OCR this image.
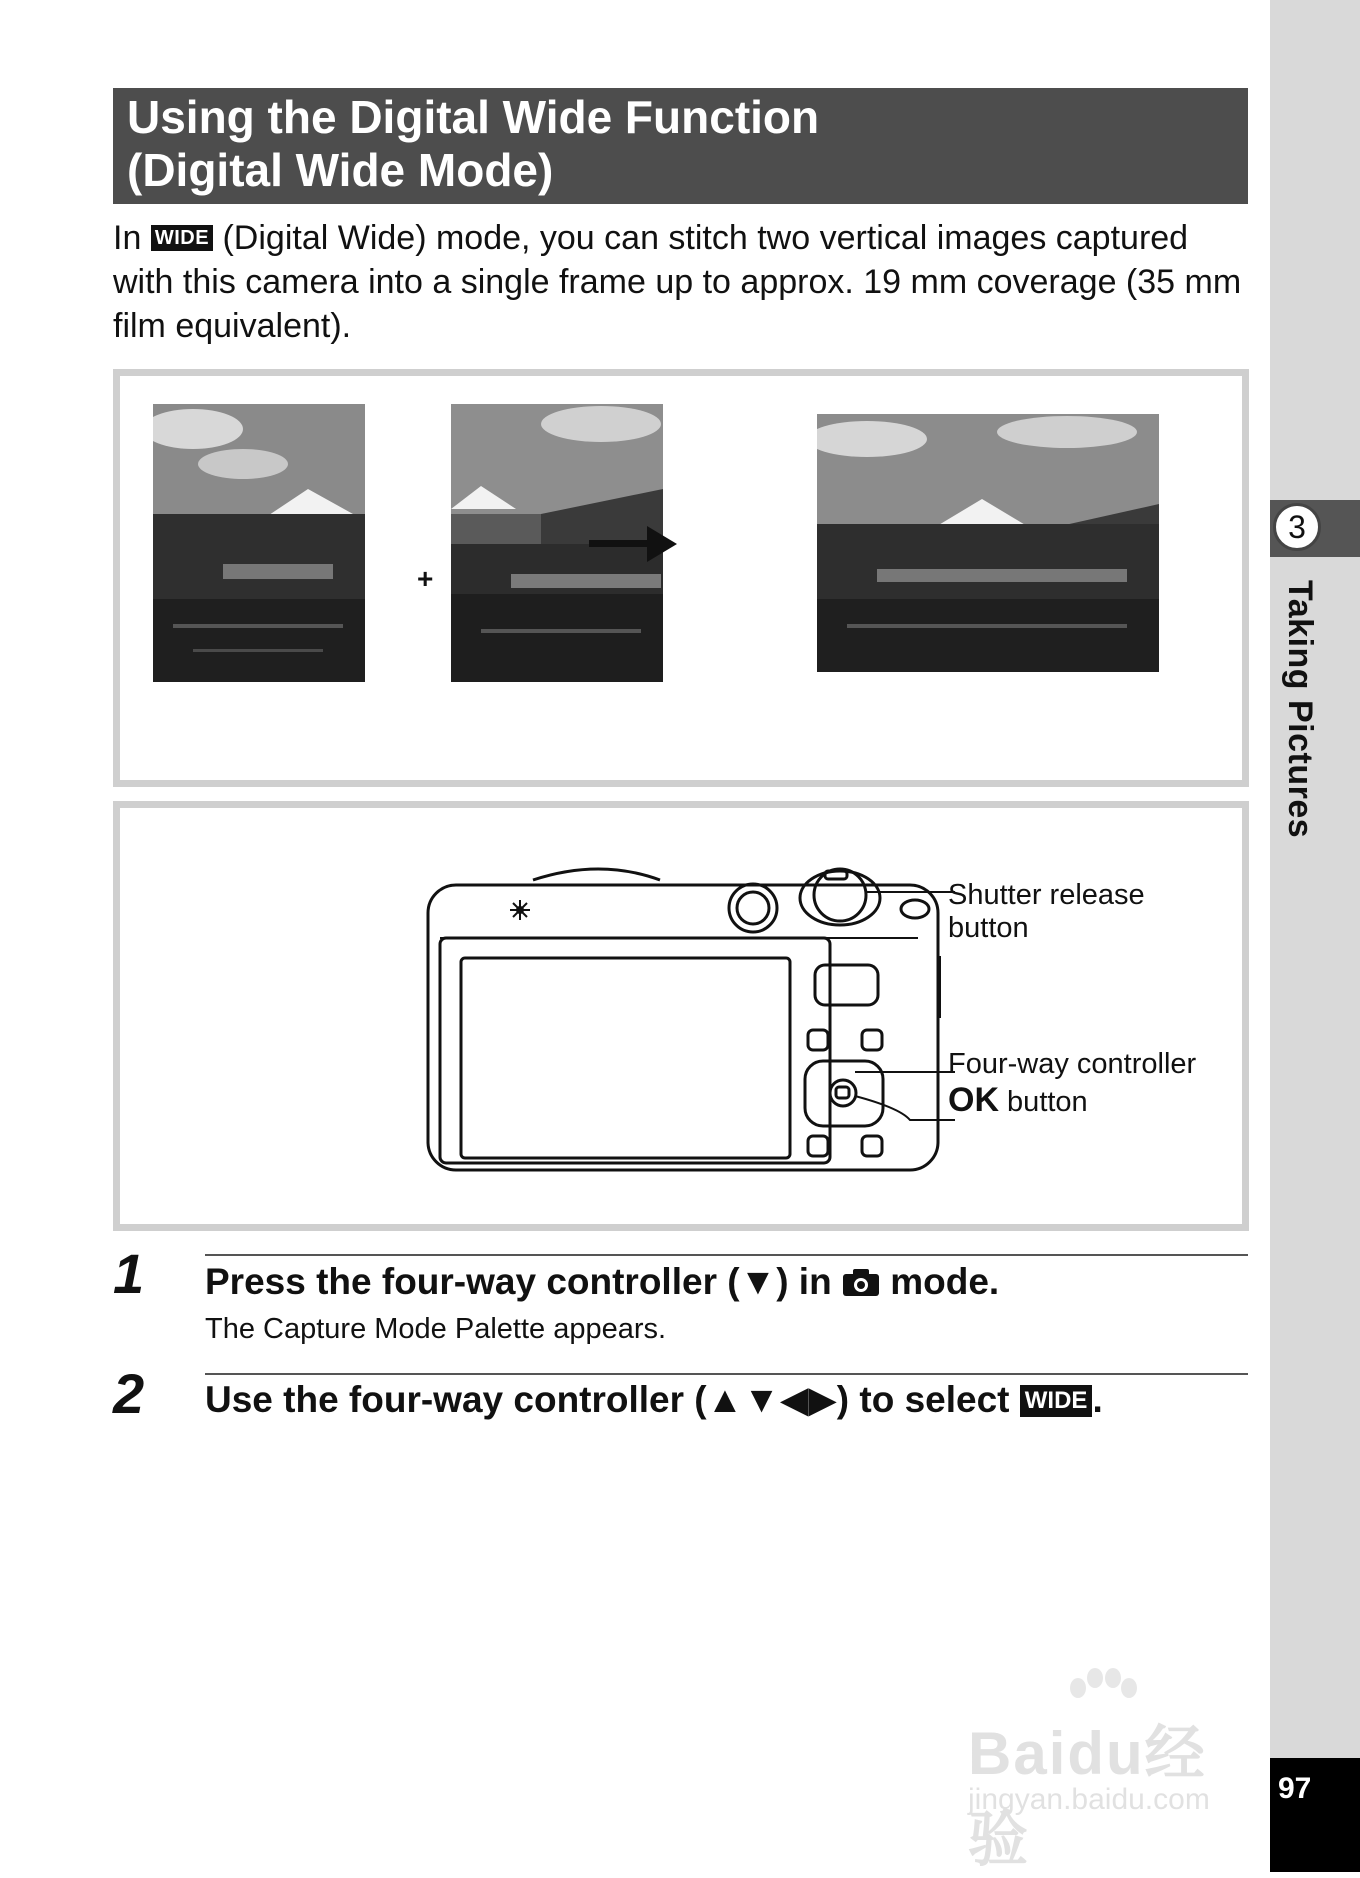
3
Taking Pictures
97
Using the Digital Wide Function
(Digital Wide Mode)
In WIDE (Digital Wide) mode, you can stitch two vertical images captured with this camera into a single frame up to approx. 19 mm coverage (35 mm film equivalent).
+
Shutter release
button
Four-way controller
OK button
1 Press the four-way controller (▼) in  mode.
The Capture Mode Palette appears.
2 Use the four-way controller (▲▼◀▶) to select WIDE .
Baidu经验
jingyan.baidu.com
